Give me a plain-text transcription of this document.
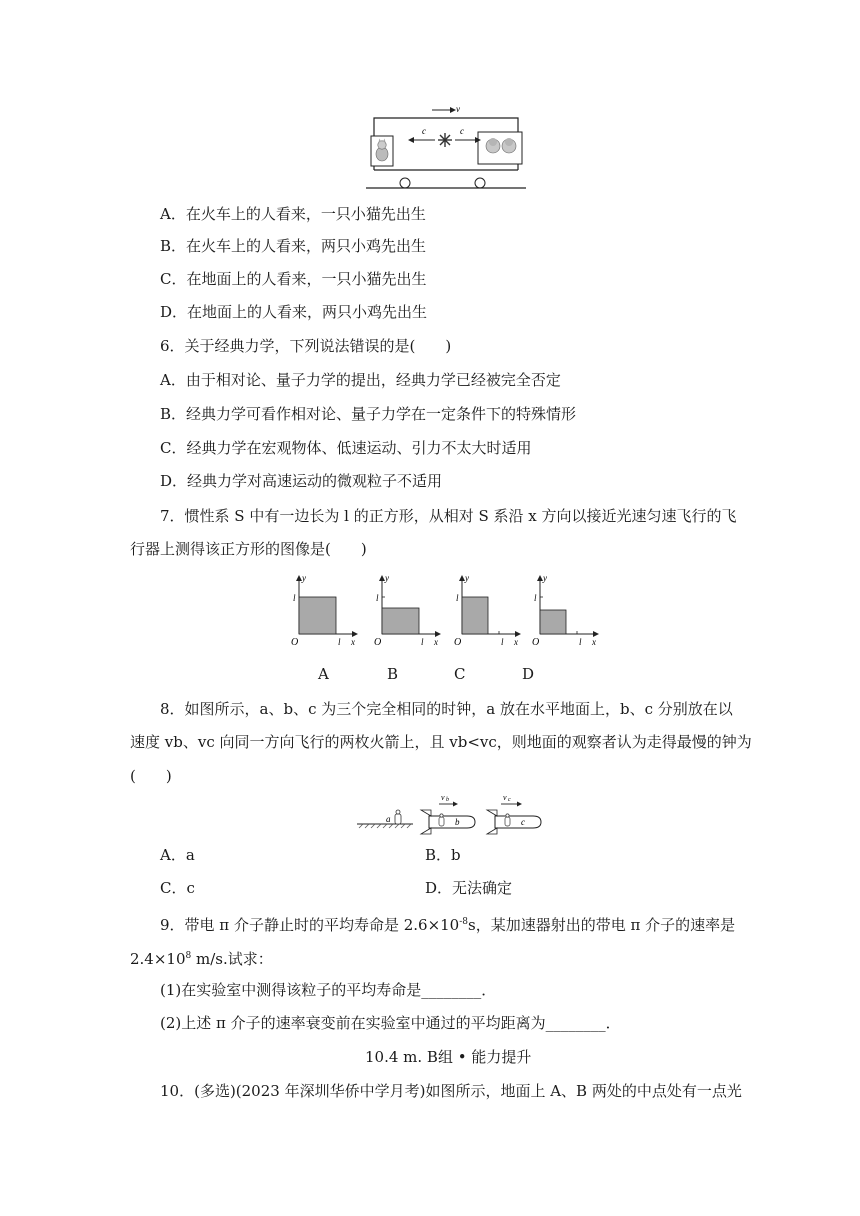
v
c	c
A．在火车上的人看来，一只小猫先出生
B．在火车上的人看来，两只小鸡先出生
C．在地面上的人看来，一只小猫先出生
D．在地面上的人看来，两只小鸡先出生
6．关于经典力学，下列说法错误的是(　　)
A．由于相对论、量子力学的提出，经典力学已经被完全否定
B．经典力学可看作相对论、量子力学在一定条件下的特殊情形
C．经典力学在宏观物体、低速运动、引力不太大时适用
D．经典力学对高速运动的微观粒子不适用
7．惯性系 S 中有一边长为 l 的正方形，从相对 S 系沿 x 方向以接近光速匀速飞行的飞
行器上测得该正方形的图像是(　　)
y
l
O	l x
y
l
O	l x
y
l
O	l x
y
l
O	l x
A	B	C	D
8．如图所示，a、b、c 为三个完全相同的时钟，a 放在水平地面上，b、c 分别放在以
速度 vb、vc 向同一方向飞行的两枚火箭上，且 vb<vc，则地面的观察者认为走得最慢的钟为
(　　)
a	b
v b
c
v c
A．a	B．b
C．c	D．无法确定
9．带电 π 介子静止时的平均寿命是 $2.6\times 10^{-8}s$，某加速器射出的带电 π 介子的速率是
$2.4\times 10^8$ m/s.试求：
(1)在实验室中测得该粒子的平均寿命是________．
(2)上述 π 介子的速率衰变前在实验室中通过的平均距离为________．
10.4 m. B组 • 能力提升
10．(多选)(2023 年深圳华侨中学月考)如图所示，地面上 A、B 两处的中点处有一点光
